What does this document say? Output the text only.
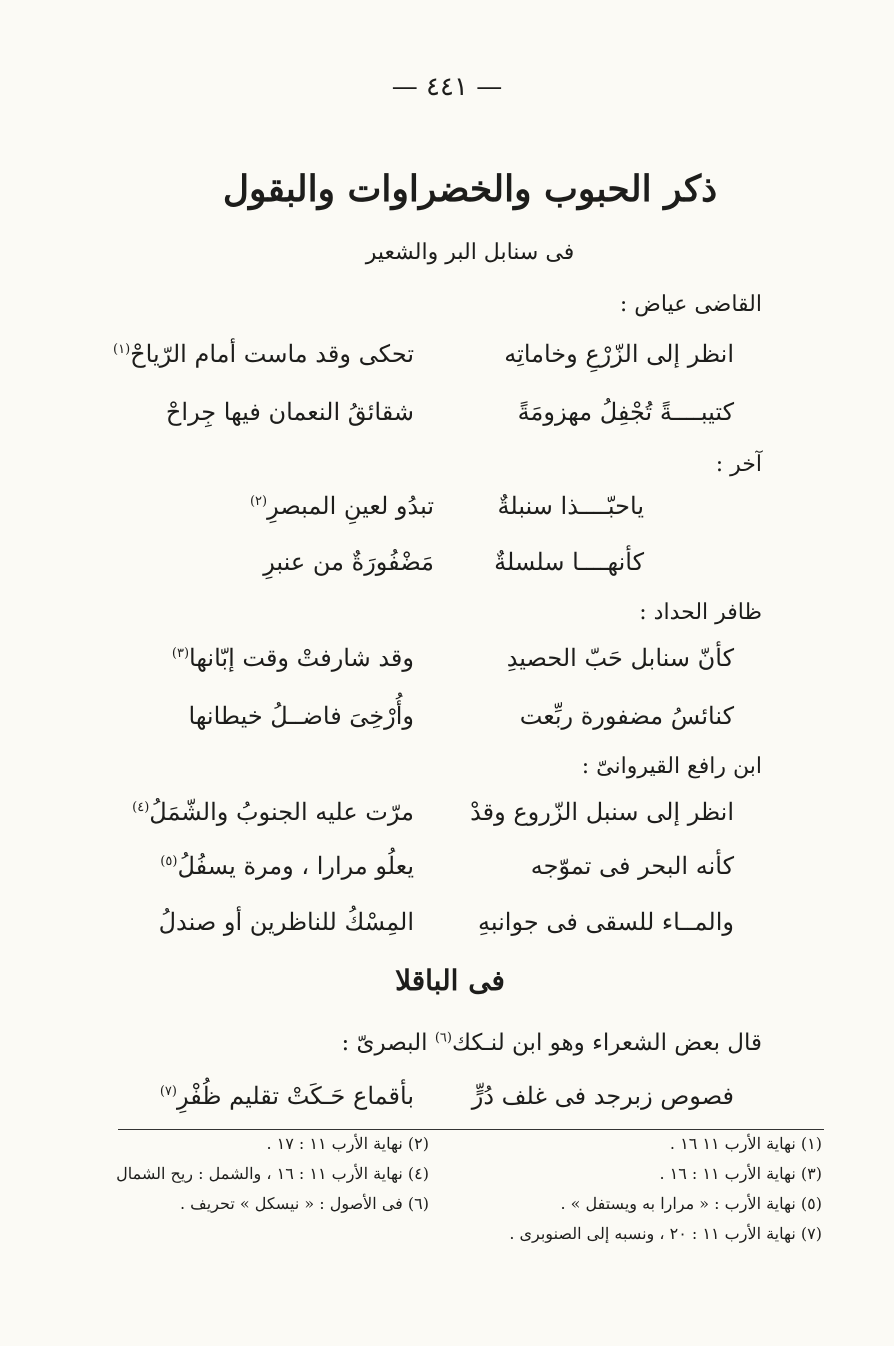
— ٤٤١ —
ذكر الحبوب والخضراوات والبقول
فى سنابل البر والشعير
القاضى عياض :
انظر إلى الزّرْعِ وخاماتِه
تحكى وقد ماست أمام الرّياحْ$^{(١)}$
كتيبــــةً تُجْفِلُ مهزومَةً
شقائقُ النعمان فيها جِراحْ
آخر :
ياحبّــــذا سنبلةٌ
تبدُو لعينِ المبصرِ$^{(٢)}$
كأنهــــا سلسلةٌ
مَضْفُورَةٌ من عنبرِ
ظافر الحداد :
كأنّ سنابل حَبّ الحصيدِ
وقد شارفتْ وقت إبّانها$^{(٣)}$
كنائسُ مضفورة ربِّعت
وأُرْخِىَ فاضــلُ خيطانها
ابن رافع القيروانىّ :
انظر إلى سنبل الزّروع وقدْ
مرّت عليه الجنوبُ والشّمَلُ$^{(٤)}$
كأنه البحر فى تموّجه
يعلُو مرارا ، ومرة يسفُلُ$^{(٥)}$
والمــاء للسقى فى جوانبهِ
المِسْكُ للناظرين أو صندلُ
فى الباقلا
قال بعض الشعراء وهو ابن لنـكك$^{(٦)}$ البصرىّ :
فصوص زبرجد فى غلف دُرٍّ
بأقماع حَـكَتْ تقليم ظُفْرِ$^{(٧)}$
(١) نهاية الأرب ١١ ١٦ .
(٢) نهاية الأرب ١١ : ١٧ .
(٣) نهاية الأرب ١١ : ١٦ .
(٤) نهاية الأرب ١١ : ١٦ ، والشمل : ريح الشمال
(٥) نهاية الأرب : « مرارا به ويستفل » .
(٦) فى الأصول : « نيسكل » تحريف .
(٧) نهاية الأرب ١١ : ٢٠ ، ونسبه إلى الصنوبرى .
